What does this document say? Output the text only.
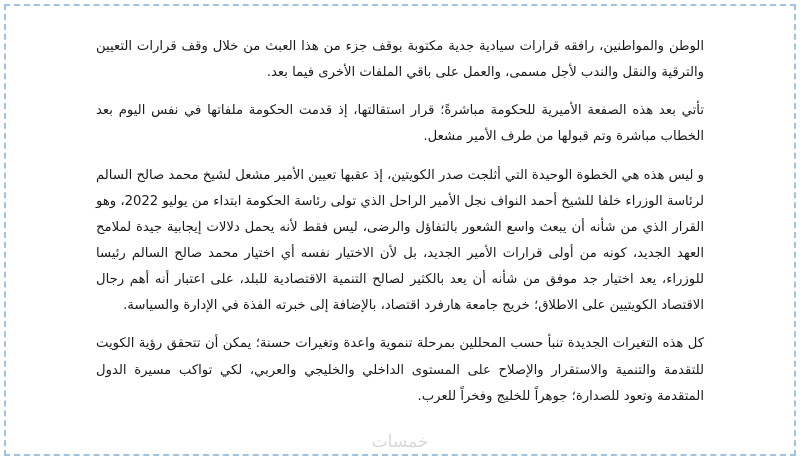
الوطن والمواطنين، رافقه قرارات سيادية جدية مكتوبة بوقف جزء من هذا العبث من خلال وقف قرارات التعيين والترقية والنقل والندب لأجل مسمى، والعمل على باقي الملفات الأخرى فيما بعد.

تأتي بعد هذه الصفعة الأميرية للحكومة مباشرةً؛ قرار استقالتها، إذ قدمت الحكومة ملفاتها في نفس اليوم بعد الخطاب مباشرة وتم قبولها من طرف الأمير مشعل.

و ليس هذه هي الخطوة الوحيدة التي أثلجت صدر الكويتين، إذ عقبها تعيين الأمير مشعل لشيخ محمد صالح السالم لرئاسة الوزراء خلفا للشيخ أحمد النواف نجل الأمير الراحل الذي تولى رئاسة الحكومة ابتداء من يوليو 2022، وهو القرار الذي من شأنه أن يبعث واسع الشعور بالتفاؤل والرضى، ليس فقط لأنه يحمل دلالات إيجابية جيدة لملامح العهد الجديد، كونه من أولى قرارات الأمير الجديد، بل لأن الاختيار نفسه أي اختيار محمد صالح السالم رئيسا للوزراء، يعد اختيار جد موفق من شأنه أن يعد بالكثير لصالح التنمية الاقتصادية للبلد، على اعتبار أنه أهم رجال الاقتصاد الكويتيين على الاطلاق؛ خريج جامعة هارفرد اقتصاد، بالإضافة إلى خبرته الفذة في الإدارة والسياسة.

كل هذه التغيرات الجديدة تنبأ حسب المحللين بمرحلة تنموية واعدة وتغيرات حسنة؛ يمكن أن تتحقق رؤية الكويت للتقدمة والتنمية والاستقرار والإصلاح على المستوى الداخلي والخليجي والعربي، لكي تواكب مسيرة الدول المتقدمة وتعود للصدارة؛ جوهراً للخليج وفخراً للعرب.

خمسات
